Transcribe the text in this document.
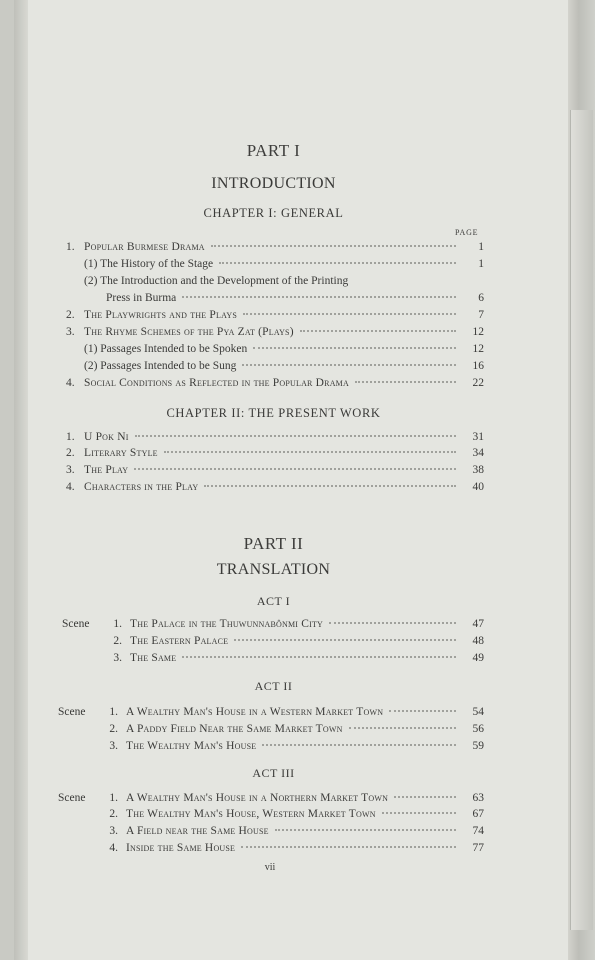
PART I
INTRODUCTION
CHAPTER I: GENERAL
PAGE
1. Popular Burmese Drama	1
(1) The History of the Stage	1
(2) The Introduction and the Development of the Printing
Press in Burma	6
2. The Playwrights and the Plays	7
3. The Rhyme Schemes of the Pya Zat (Plays)	12
(1) Passages Intended to be Spoken	12
(2) Passages Intended to be Sung	16
4. Social Conditions as Reflected in the Popular Drama	22
CHAPTER II: THE PRESENT WORK
1. U Pok Ni	31
2. Literary Style	34
3. The Play	38
4. Characters in the Play	40
PART II
TRANSLATION
ACT I
Scene	1. The Palace in the Thuwunnabônmi City	47
2. The Eastern Palace	48
3. The Same	49
ACT II
Scene	1. A Wealthy Man's House in a Western Market Town	54
2. A Paddy Field Near the Same Market Town	56
3. The Wealthy Man's House	59
ACT III
Scene	1. A Wealthy Man's House in a Northern Market Town	63
2. The Wealthy Man's House, Western Market Town	67
3. A Field near the Same House	74
4. Inside the Same House	77
vii
